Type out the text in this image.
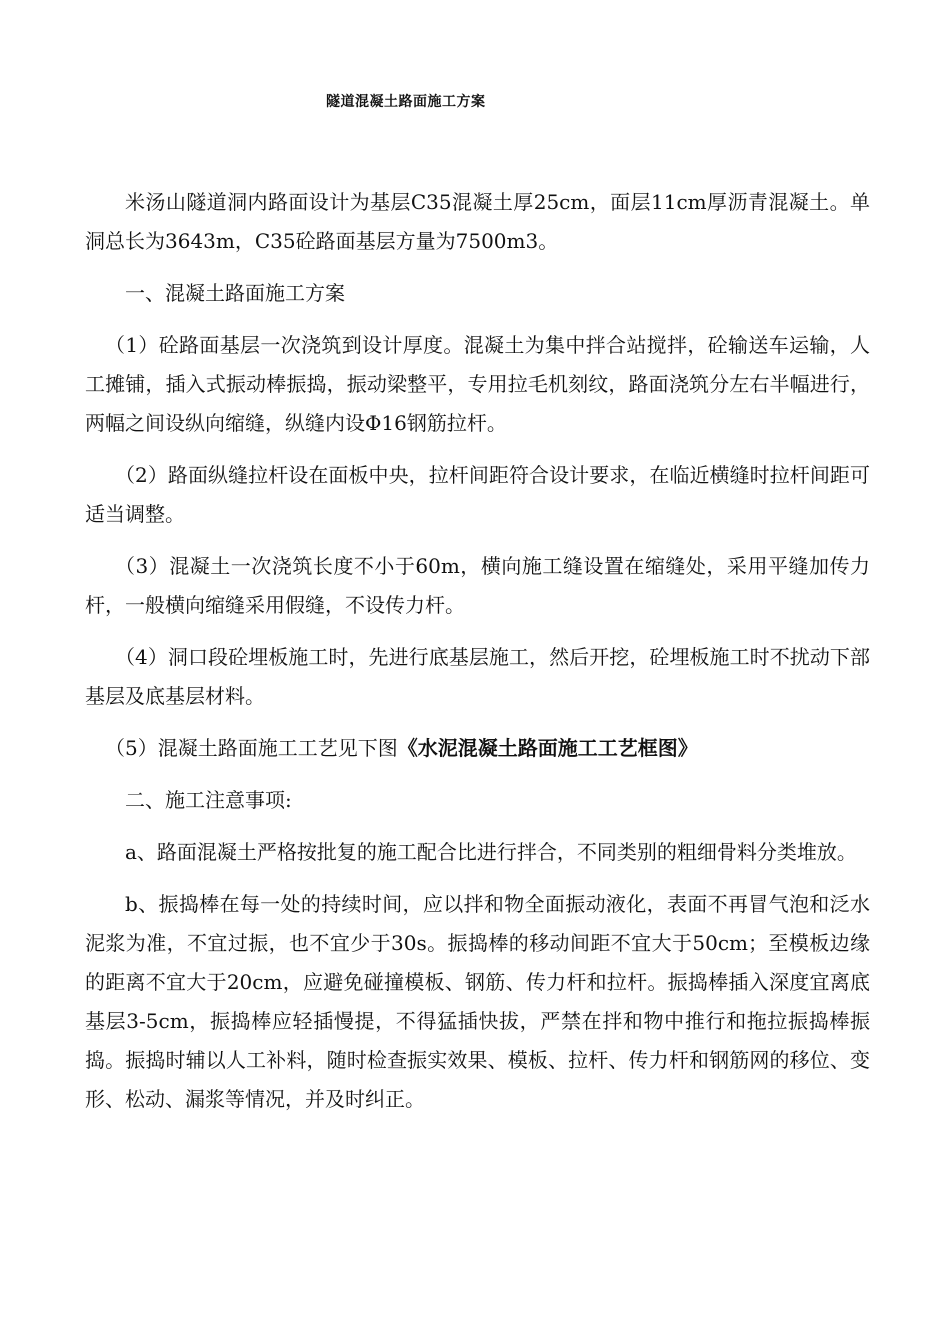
隧道混凝土路面施工方案

米汤山隧道洞内路面设计为基层C35混凝土厚25cm，面层11cm厚沥青混凝土。单洞总长为3643m，C35砼路面基层方量为7500m3。

一、混凝土路面施工方案

（1）砼路面基层一次浇筑到设计厚度。混凝土为集中拌合站搅拌，砼输送车运输，人工摊铺，插入式振动棒振捣，振动梁整平，专用拉毛机刻纹，路面浇筑分左右半幅进行，两幅之间设纵向缩缝，纵缝内设Φ16钢筋拉杆。

（2）路面纵缝拉杆设在面板中央，拉杆间距符合设计要求，在临近横缝时拉杆间距可适当调整。

（3）混凝土一次浇筑长度不小于60m，横向施工缝设置在缩缝处，采用平缝加传力杆，一般横向缩缝采用假缝，不设传力杆。

（4）洞口段砼埋板施工时，先进行底基层施工，然后开挖，砼埋板施工时不扰动下部基层及底基层材料。

（5）混凝土路面施工工艺见下图《水泥混凝土路面施工工艺框图》

二、施工注意事项:

a、路面混凝土严格按批复的施工配合比进行拌合，不同类别的粗细骨料分类堆放。

b、振捣棒在每一处的持续时间，应以拌和物全面振动液化，表面不再冒气泡和泛水泥浆为准，不宜过振，也不宜少于30s。振捣棒的移动间距不宜大于50cm；至模板边缘的距离不宜大于20cm，应避免碰撞模板、钢筋、传力杆和拉杆。振捣棒插入深度宜离底基层3-5cm，振捣棒应轻插慢提，不得猛插快拔，严禁在拌和物中推行和拖拉振捣棒振捣。振捣时辅以人工补料，随时检查振实效果、模板、拉杆、传力杆和钢筋网的移位、变形、松动、漏浆等情况，并及时纠正。
